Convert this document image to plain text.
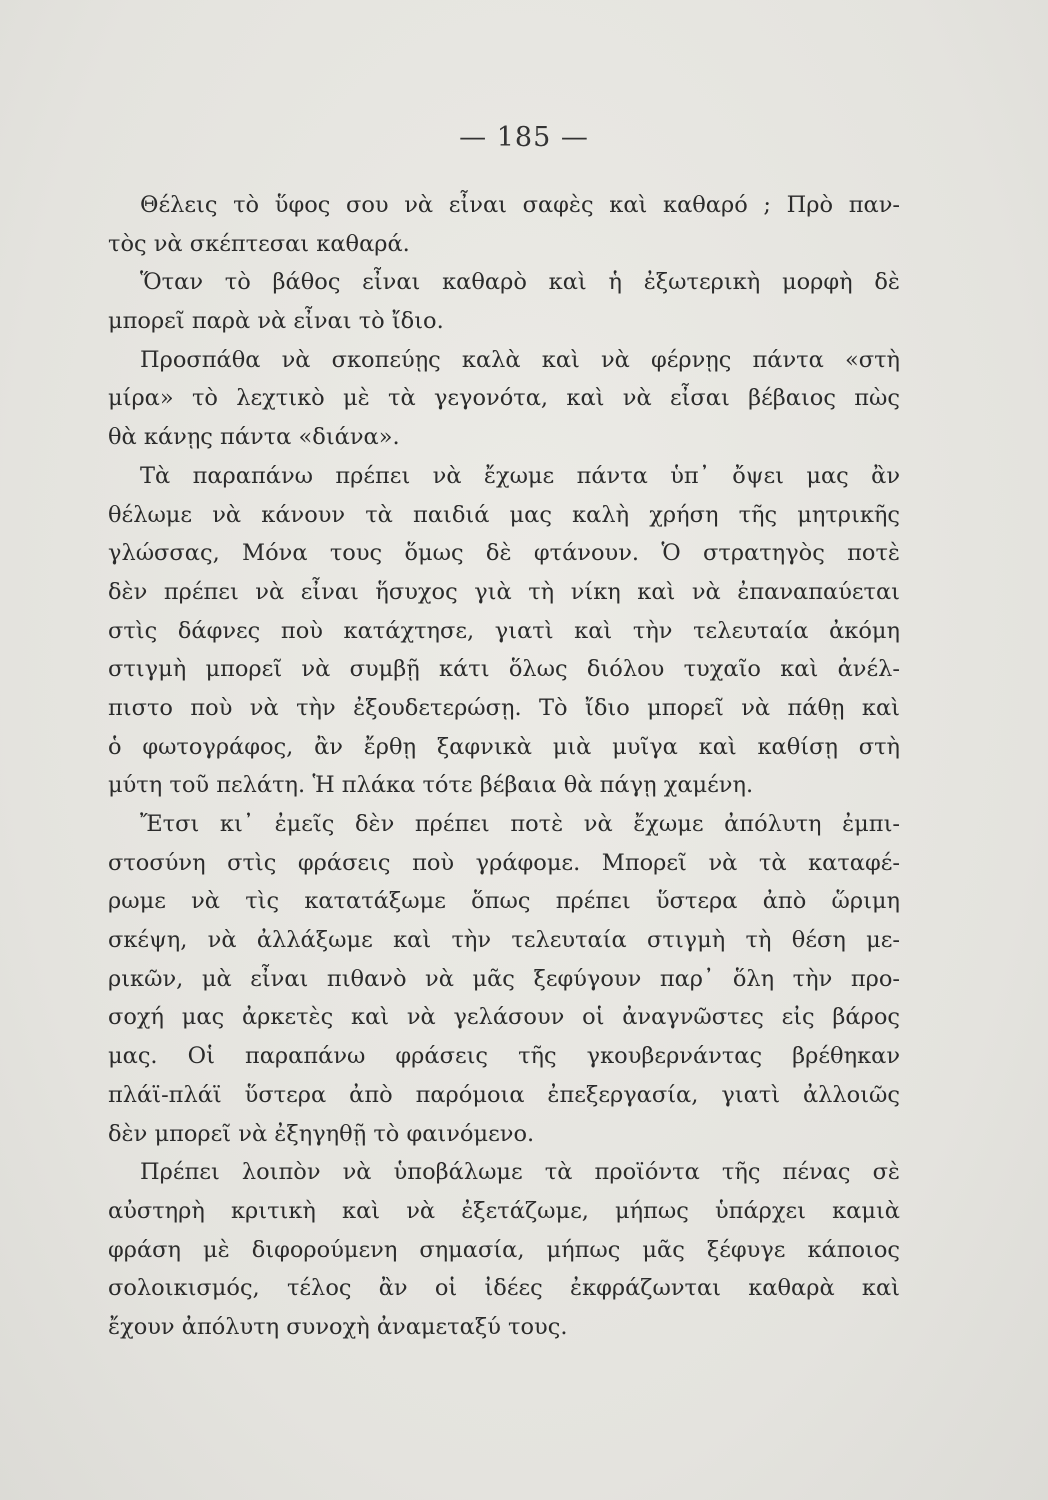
— 185 —
Θέλεις τὸ ὕφος σου νὰ εἶναι σαφὲς καὶ καθαρό ; Πρὸ παν-
τὸς νὰ σκέπτεσαι καθαρά.
Ὅταν τὸ βάθος εἶναι καθαρὸ καὶ ἡ ἐξωτερικὴ μορφὴ δὲ
μπορεῖ παρὰ νὰ εἶναι τὸ ἴδιο.
Προσπάθα νὰ σκοπεύῃς καλὰ καὶ νὰ φέρνῃς πάντα «στὴ
μίρα» τὸ λεχτικὸ μὲ τὰ γεγονότα, καὶ νὰ εἶσαι βέβαιος πὼς
θὰ κάνῃς πάντα «διάνα».
Τὰ παραπάνω πρέπει νὰ ἔχωμε πάντα ὑπ᾽ ὄψει μας ἂν
θέλωμε νὰ κάνουν τὰ παιδιά μας καλὴ χρήση τῆς μητρικῆς
γλώσσας, Μόνα τους ὅμως δὲ φτάνουν. Ὁ στρατηγὸς ποτὲ
δὲν πρέπει νὰ εἶναι ἥσυχος γιὰ τὴ νίκη καὶ νὰ ἐπαναπαύεται
στὶς δάφνες ποὺ κατάχτησε, γιατὶ καὶ τὴν τελευταία ἀκόμη
στιγμὴ μπορεῖ νὰ συμβῇ κάτι ὅλως διόλου τυχαῖο καὶ ἀνέλ-
πιστο ποὺ νὰ τὴν ἐξουδετερώσῃ. Τὸ ἴδιο μπορεῖ νὰ πάθῃ καὶ
ὁ φωτογράφος, ἂν ἔρθῃ ξαφνικὰ μιὰ μυῖγα καὶ καθίσῃ στὴ
μύτη τοῦ πελάτη. Ἡ πλάκα τότε βέβαια θὰ πάγῃ χαμένη.
Ἔτσι κι᾽ ἐμεῖς δὲν πρέπει ποτὲ νὰ ἔχωμε ἀπόλυτη ἐμπι-
στοσύνη στὶς φράσεις ποὺ γράφομε. Μπορεῖ νὰ τὰ καταφέ-
ρωμε νὰ τὶς κατατάξωμε ὅπως πρέπει ὕστερα ἀπὸ ὥριμη
σκέψη, νὰ ἀλλάξωμε καὶ τὴν τελευταία στιγμὴ τὴ θέση με-
ρικῶν, μὰ εἶναι πιθανὸ νὰ μᾶς ξεφύγουν παρ᾽ ὅλη τὴν προ-
σοχή μας ἀρκετὲς καὶ νὰ γελάσουν οἱ ἀναγνῶστες εἰς βάρος
μας. Οἱ παραπάνω φράσεις τῆς γκουβερνάντας βρέθηκαν
πλάϊ-πλάϊ ὕστερα ἀπὸ παρόμοια ἐπεξεργασία, γιατὶ ἀλλοιῶς
δὲν μπορεῖ νὰ ἐξηγηθῇ τὸ φαινόμενο.
Πρέπει λοιπὸν νὰ ὑποβάλωμε τὰ προϊόντα τῆς πένας σὲ
αὐστηρὴ κριτικὴ καὶ νὰ ἐξετάζωμε, μήπως ὑπάρχει καμιὰ
φράση μὲ διφορούμενη σημασία, μήπως μᾶς ξέφυγε κάποιος
σολοικισμός, τέλος ἂν οἱ ἰδέες ἐκφράζωνται καθαρὰ καὶ
ἔχουν ἀπόλυτη συνοχὴ ἀναμεταξύ τους.
